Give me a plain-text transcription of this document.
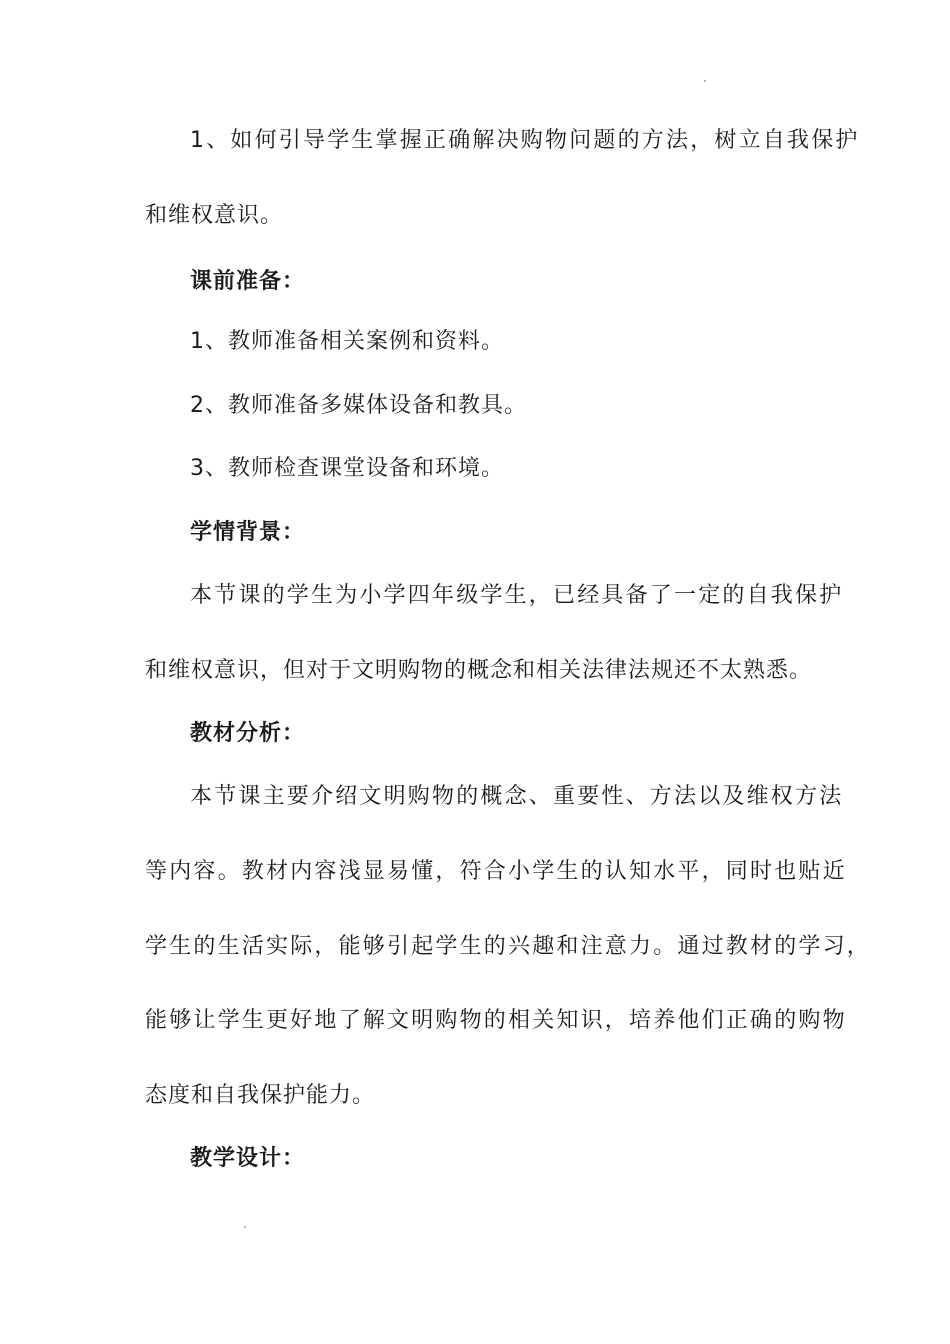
1、如何引导学生掌握正确解决购物问题的方法，树立自我保护
和维权意识。
课前准备：
1、教师准备相关案例和资料。
2、教师准备多媒体设备和教具。
3、教师检查课堂设备和环境。
学情背景：
本节课的学生为小学四年级学生，已经具备了一定的自我保护
和维权意识，但对于文明购物的概念和相关法律法规还不太熟悉。
教材分析：
本节课主要介绍文明购物的概念、重要性、方法以及维权方法
等内容。教材内容浅显易懂，符合小学生的认知水平，同时也贴近
学生的生活实际，能够引起学生的兴趣和注意力。通过教材的学习，
能够让学生更好地了解文明购物的相关知识，培养他们正确的购物
态度和自我保护能力。
教学设计：
